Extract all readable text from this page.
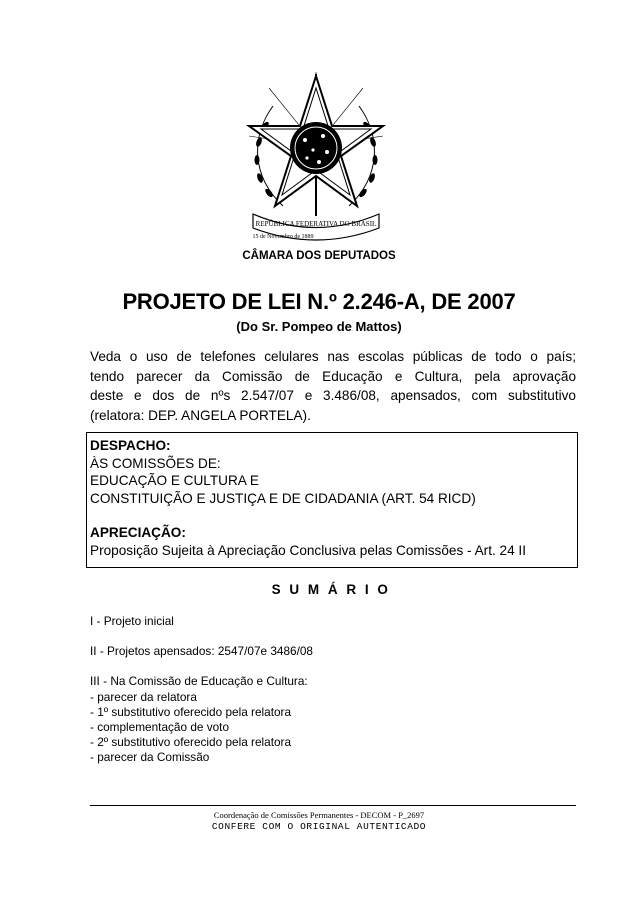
REPÚBLICA FEDERATIVA DO BRASIL
15 de Novembro de 1889
CÂMARA DOS DEPUTADOS
PROJETO DE LEI N.º 2.246-A, DE 2007
(Do Sr. Pompeo de Mattos)

Veda o uso de telefones celulares nas escolas públicas de todo o país;

tendo parecer da Comissão de Educação e Cultura, pela aprovação

deste e dos de nºs 2.547/07 e 3.486/08, apensados, com substitutivo

(relatora: DEP. ANGELA PORTELA).

DESPACHO:
ÀS COMISSÕES DE:
EDUCAÇÃO E CULTURA E
CONSTITUIÇÃO E JUSTIÇA E DE CIDADANIA (ART. 54 RICD)
APRECIAÇÃO:
Proposição Sujeita à Apreciação Conclusiva pelas Comissões - Art. 24 II
S U M Á R I O
I - Projeto inicial
II - Projetos apensados: 2547/07e 3486/08
III - Na Comissão de Educação e Cultura:
- parecer da relatora
- 1º substitutivo oferecido pela relatora
- complementação de voto
- 2º substitutivo oferecido pela relatora
- parecer da Comissão
Coordenação de Comissões Permanentes - DECOM - P_2697
CONFERE COM O ORIGINAL AUTENTICADO
